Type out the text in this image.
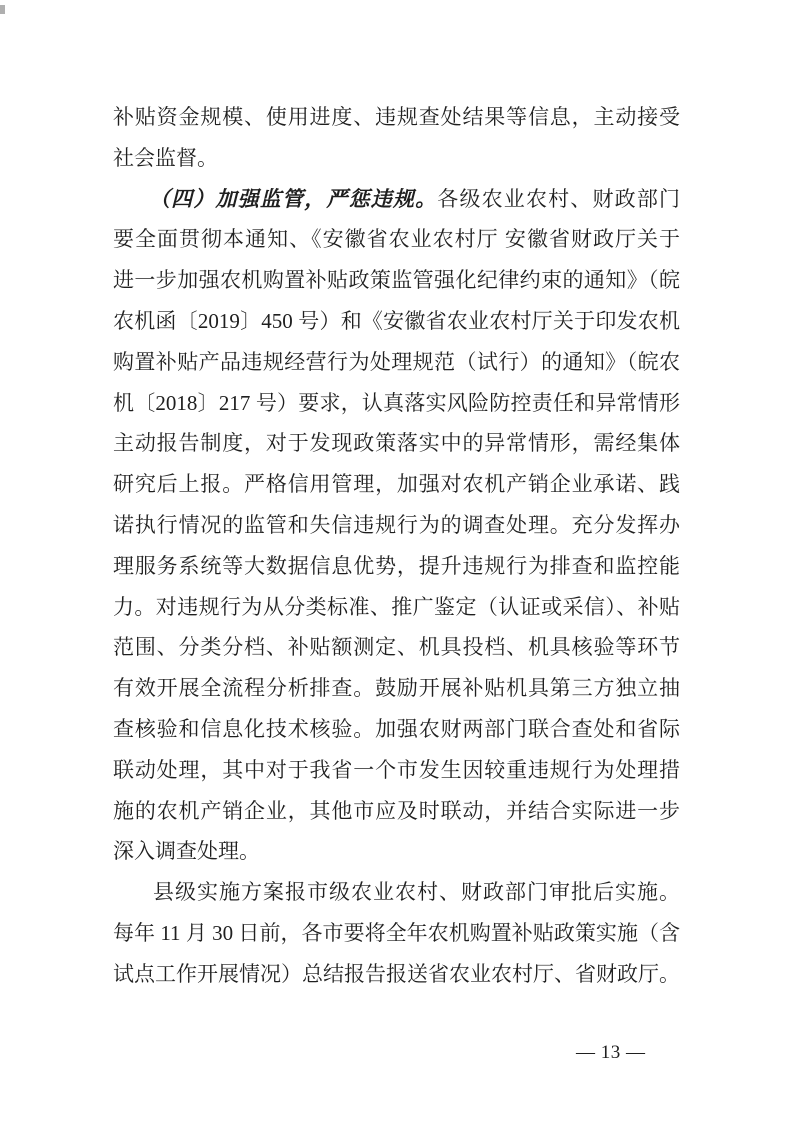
补贴资金规模、使用进度、违规查处结果等信息，主动接受
社会监督。
（四）加强监管，严惩违规。各级农业农村、财政部门
要全面贯彻本通知、《安徽省农业农村厅 安徽省财政厅关于
进一步加强农机购置补贴政策监管强化纪律约束的通知》（皖
农机函〔2019〕450 号）和《安徽省农业农村厅关于印发农机
购置补贴产品违规经营行为处理规范（试行）的通知》（皖农
机〔2018〕217 号）要求，认真落实风险防控责任和异常情形
主动报告制度，对于发现政策落实中的异常情形，需经集体
研究后上报。严格信用管理，加强对农机产销企业承诺、践
诺执行情况的监管和失信违规行为的调查处理。充分发挥办
理服务系统等大数据信息优势，提升违规行为排查和监控能
力。对违规行为从分类标准、推广鉴定（认证或采信）、补贴
范围、分类分档、补贴额测定、机具投档、机具核验等环节
有效开展全流程分析排查。鼓励开展补贴机具第三方独立抽
查核验和信息化技术核验。加强农财两部门联合查处和省际
联动处理，其中对于我省一个市发生因较重违规行为处理措
施的农机产销企业，其他市应及时联动，并结合实际进一步
深入调查处理。
县级实施方案报市级农业农村、财政部门审批后实施。
每年 11 月 30 日前，各市要将全年农机购置补贴政策实施（含
试点工作开展情况）总结报告报送省农业农村厅、省财政厅。
— 13 —
